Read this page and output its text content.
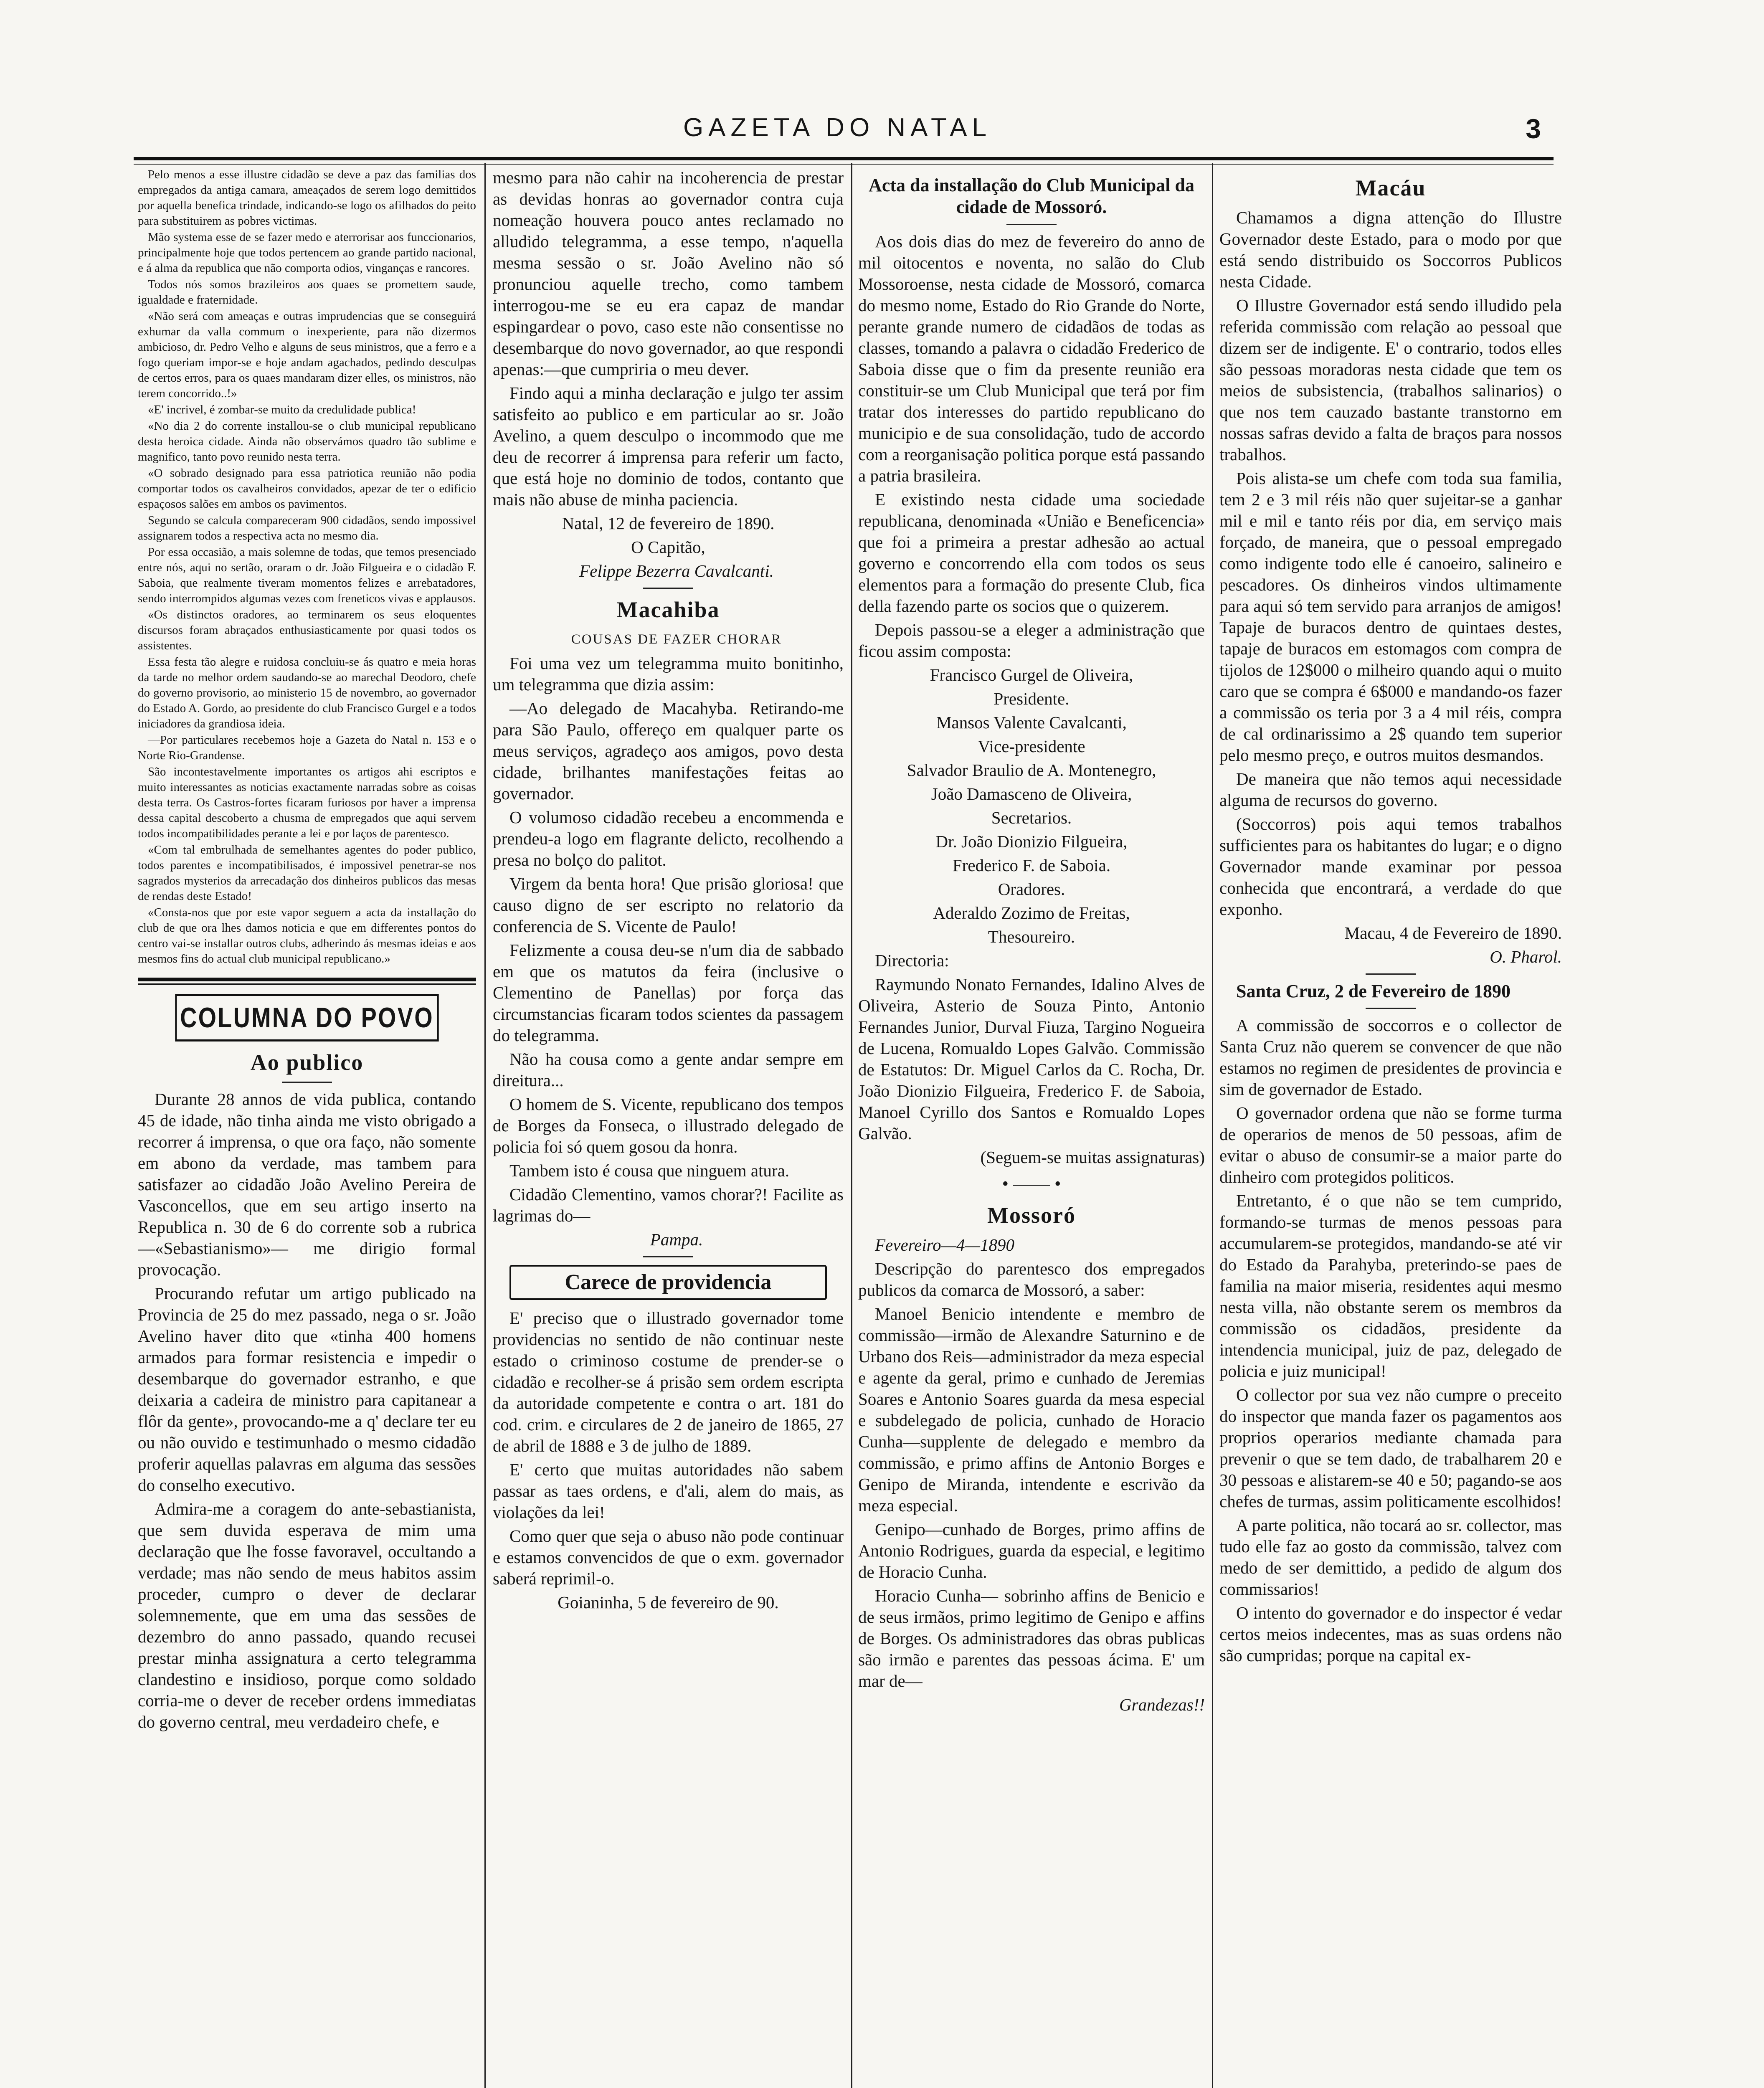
GAZETA DO NATAL	3

Pelo menos a esse illustre cidadão se deve a paz das familias dos empregados da antiga camara, ameaçados de serem logo demittidos por aquella benefica trindade, indicando-se logo os afilhados do peito para substituirem as pobres victimas.

Mão systema esse de se fazer medo e aterrorisar aos funccionarios, principalmente hoje que todos pertencem ao grande partido nacional, e á alma da republica que não comporta odios, vinganças e rancores.

Todos nós somos brazileiros aos quaes se promettem saude, igualdade e fraternidade.

«Não será com ameaças e outras imprudencias que se conseguirá exhumar da valla commum o inexperiente, para não dizermos ambicioso, dr. Pedro Velho e alguns de seus ministros, que a ferro e a fogo queriam impor-se e hoje andam agachados, pedindo desculpas de certos erros, para os quaes mandaram dizer elles, os ministros, não terem concorrido..!»

«E' incrivel, é zombar-se muito da credulidade publica!

«No dia 2 do corrente installou-se o club municipal republicano desta heroica cidade. Ainda não observámos quadro tão sublime e magnifico, tanto povo reunido nesta terra.

«O sobrado designado para essa patriotica reunião não podia comportar todos os cavalheiros convidados, apezar de ter o edificio espaçosos salões em ambos os pavimentos.

Segundo se calcula compareceram 900 cidadãos, sendo impossivel assignarem todos a respectiva acta no mesmo dia.

Por essa occasião, a mais solemne de todas, que temos presenciado entre nós, aqui no sertão, oraram o dr. João Filgueira e o cidadão F. Saboia, que realmente tiveram momentos felizes e arrebatadores, sendo interrompidos algumas vezes com freneticos vivas e applausos.

«Os distinctos oradores, ao terminarem os seus eloquentes discursos foram abraçados enthusiasticamente por quasi todos os assistentes.

Essa festa tão alegre e ruidosa concluiu-se ás quatro e meia horas da tarde no melhor ordem saudando-se ao marechal Deodoro, chefe do governo provisorio, ao ministerio 15 de novembro, ao governador do Estado A. Gordo, ao presidente do club Francisco Gurgel e a todos iniciadores da grandiosa ideia.

—Por particulares recebemos hoje a Gazeta do Natal n. 153 e o Norte Rio-Grandense.

São incontestavelmente importantes os artigos ahi escriptos e muito interessantes as noticias exactamente narradas sobre as coisas desta terra. Os Castros-fortes ficaram furiosos por haver a imprensa dessa capital descoberto a chusma de empregados que aqui servem todos incompatibilidades perante a lei e por laços de parentesco.

«Com tal embrulhada de semelhantes agentes do poder publico, todos parentes e incompatibilisados, é impossivel penetrar-se nos sagrados mysterios da arrecadação dos dinheiros publicos das mesas de rendas deste Estado!

«Consta-nos que por este vapor seguem a acta da installação do club de que ora lhes damos noticia e que em differentes pontos do centro vai-se installar outros clubs, adherindo ás mesmas ideias e aos mesmos fins do actual club municipal republicano.»

COLUMNA DO POVO
Ao publico

Durante 28 annos de vida publica, contando 45 de idade, não tinha ainda me visto obrigado a recorrer á imprensa, o que ora faço, não somente em abono da verdade, mas tambem para satisfazer ao cidadão João Avelino Pereira de Vasconcellos, que em seu artigo inserto na Republica n. 30 de 6 do corrente sob a rubrica—«Sebastianismo»— me dirigio formal provocação.

Procurando refutar um artigo publicado na Provincia de 25 do mez passado, nega o sr. João Avelino haver dito que «tinha 400 homens armados para formar resistencia e impedir o desembarque do governador estranho, e que deixaria a cadeira de ministro para capitanear a flôr da gente», provocando-me a q' declare ter eu ou não ouvido e testimunhado o mesmo cidadão proferir aquellas palavras em alguma das sessões do conselho executivo.

Admira-me a coragem do ante-sebastianista, que sem duvida esperava de mim uma declaração que lhe fosse favoravel, occultando a verdade; mas não sendo de meus habitos assim proceder, cumpro o dever de declarar solemnemente, que em uma das sessões de dezembro do anno passado, quando recusei prestar minha assignatura a certo telegramma clandestino e insidioso, porque como soldado corria-me o dever de receber ordens immediatas do governo central, meu verdadeiro chefe, e

mesmo para não cahir na incoherencia de prestar as devidas honras ao governador contra cuja nomeação houvera pouco antes reclamado no alludido telegramma, a esse tempo, n'aquella mesma sessão o sr. João Avelino não só pronunciou aquelle trecho, como tambem interrogou-me se eu era capaz de mandar espingardear o povo, caso este não consentisse no desembarque do novo governador, ao que respondi apenas:—que cumpriria o meu dever.

Findo aqui a minha declaração e julgo ter assim satisfeito ao publico e em particular ao sr. João Avelino, a quem desculpo o incommodo que me deu de recorrer á imprensa para referir um facto, que está hoje no dominio de todos, contanto que mais não abuse de minha paciencia.

Natal, 12 de fevereiro de 1890.

O Capitão,

Felippe Bezerra Cavalcanti.

Macahiba

COUSAS DE FAZER CHORAR

Foi uma vez um telegramma muito bonitinho, um telegramma que dizia assim:

—Ao delegado de Macahyba. Retirando-me para São Paulo, offereço em qualquer parte os meus serviços, agradeço aos amigos, povo desta cidade, brilhantes manifestações feitas ao governador.

O volumoso cidadão recebeu a encommenda e prendeu-a logo em flagrante delicto, recolhendo a presa no bolço do palitot.

Virgem da benta hora! Que prisão gloriosa! que causo digno de ser escripto no relatorio da conferencia de S. Vicente de Paulo!

Felizmente a cousa deu-se n'um dia de sabbado em que os matutos da feira (inclusive o Clementino de Panellas) por força das circumstancias ficaram todos scientes da passagem do telegramma.

Não ha cousa como a gente andar sempre em direitura...

O homem de S. Vicente, republicano dos tempos de Borges da Fonseca, o illustrado delegado de policia foi só quem gosou da honra.

Tambem isto é cousa que ninguem atura.

Cidadão Clementino, vamos chorar?! Facilite as lagrimas do—

Pampa.

Carece de providencia

E' preciso que o illustrado governador tome providencias no sentido de não continuar neste estado o criminoso costume de prender-se o cidadão e recolher-se á prisão sem ordem escripta da autoridade competente e contra o art. 181 do cod. crim. e circulares de 2 de janeiro de 1865, 27 de abril de 1888 e 3 de julho de 1889.

E' certo que muitas autoridades não sabem passar as taes ordens, e d'ali, alem do mais, as violações da lei!

Como quer que seja o abuso não pode continuar e estamos convencidos de que o exm. governador saberá reprimil-o.

Goianinha, 5 de fevereiro de 90.

Acta da installação do Club Municipal da cidade de Mossoró.

Aos dois dias do mez de fevereiro do anno de mil oitocentos e noventa, no salão do Club Mossoroense, nesta cidade de Mossoró, comarca do mesmo nome, Estado do Rio Grande do Norte, perante grande numero de cidadãos de todas as classes, tomando a palavra o cidadão Frederico de Saboia disse que o fim da presente reunião era constituir-se um Club Municipal que terá por fim tratar dos interesses do partido republicano do municipio e de sua consolidação, tudo de accordo com a reorganisação politica porque está passando a patria brasileira.

E existindo nesta cidade uma sociedade republicana, denominada «União e Beneficencia» que foi a primeira a prestar adhesão ao actual governo e concorrendo ella com todos os seus elementos para a formação do presente Club, fica della fazendo parte os socios que o quizerem.

Depois passou-se a eleger a administração que ficou assim composta:

Francisco Gurgel de Oliveira,

Presidente.

Mansos Valente Cavalcanti,

Vice-presidente

Salvador Braulio de A. Montenegro,

João Damasceno de Oliveira,

Secretarios.

Dr. João Dionizio Filgueira,

Frederico F. de Saboia.

Oradores.

Aderaldo Zozimo de Freitas,

Thesoureiro.

Directoria:

Raymundo Nonato Fernandes, Idalino Alves de Oliveira, Asterio de Souza Pinto, Antonio Fernandes Junior, Durval Fiuza, Targino Nogueira de Lucena, Romualdo Lopes Galvão. Commissão de Estatutos: Dr. Miguel Carlos da C. Rocha, Dr. João Dionizio Filgueira, Frederico F. de Saboia, Manoel Cyrillo dos Santos e Romualdo Lopes Galvão.

(Seguem-se muitas assignaturas)

• —— •
Mossoró

Fevereiro—4—1890

Descripção do parentesco dos empregados publicos da comarca de Mossoró, a saber:

Manoel Benicio intendente e membro de commissão—irmão de Alexandre Saturnino e de Urbano dos Reis—administrador da meza especial e agente da geral, primo e cunhado de Jeremias Soares e Antonio Soares guarda da mesa especial e subdelegado de policia, cunhado de Horacio Cunha—supplente de delegado e membro da commissão, e primo affins de Antonio Borges e Genipo de Miranda, intendente e escrivão da meza especial.

Genipo—cunhado de Borges, primo affins de Antonio Rodrigues, guarda da especial, e legitimo de Horacio Cunha.

Horacio Cunha— sobrinho affins de Benicio e de seus irmãos, primo legitimo de Genipo e affins de Borges. Os administradores das obras publicas são irmão e parentes das pessoas ácima. E' um mar de—

Grandezas!!

Macáu

Chamamos a digna attenção do Illustre Governador deste Estado, para o modo por que está sendo distribuido os Soccorros Publicos nesta Cidade.

O Illustre Governador está sendo illudido pela referida commissão com relação ao pessoal que dizem ser de indigente. E' o contrario, todos elles são pessoas moradoras nesta cidade que tem os meios de subsistencia, (trabalhos salinarios) o que nos tem cauzado bastante transtorno em nossas safras devido a falta de braços para nossos trabalhos.

Pois alista-se um chefe com toda sua familia, tem 2 e 3 mil réis não quer sujeitar-se a ganhar mil e mil e tanto réis por dia, em serviço mais forçado, de maneira, que o pessoal empregado como indigente todo elle é canoeiro, salineiro e pescadores. Os dinheiros vindos ultimamente para aqui só tem servido para arranjos de amigos! Tapaje de buracos dentro de quintaes destes, tapaje de buracos em estomagos com compra de tijolos de 12$000 o milheiro quando aqui o muito caro que se compra é 6$000 e mandando-os fazer a commissão os teria por 3 a 4 mil réis, compra de cal ordinarissimo a 2$ quando tem superior pelo mesmo preço, e outros muitos desmandos.

De maneira que não temos aqui necessidade alguma de recursos do governo.

(Soccorros) pois aqui temos trabalhos sufficientes para os habitantes do lugar; e o digno Governador mande examinar por pessoa conhecida que encontrará, a verdade do que exponho.

Macau, 4 de Fevereiro de 1890.

O. Pharol.

Santa Cruz, 2 de Fevereiro de 1890

A commissão de soccorros e o collector de Santa Cruz não querem se convencer de que não estamos no regimen de presidentes de provincia e sim de governador de Estado.

O governador ordena que não se forme turma de operarios de menos de 50 pessoas, afim de evitar o abuso de consumir-se a maior parte do dinheiro com protegidos politicos.

Entretanto, é o que não se tem cumprido, formando-se turmas de menos pessoas para accumularem-se protegidos, mandando-se até vir do Estado da Parahyba, preterindo-se paes de familia na maior miseria, residentes aqui mesmo nesta villa, não obstante serem os membros da commissão os cidadãos, presidente da intendencia municipal, juiz de paz, delegado de policia e juiz municipal!

O collector por sua vez não cumpre o preceito do inspector que manda fazer os pagamentos aos proprios operarios mediante chamada para prevenir o que se tem dado, de trabalharem 20 e 30 pessoas e alistarem-se 40 e 50; pagando-se aos chefes de turmas, assim politicamente escolhidos!

A parte politica, não tocará ao sr. collector, mas tudo elle faz ao gosto da commissão, talvez com medo de ser demittido, a pedido de algum dos commissarios!

O intento do governador e do inspector é vedar certos meios indecentes, mas as suas ordens não são cumpridas; porque na capital ex-
